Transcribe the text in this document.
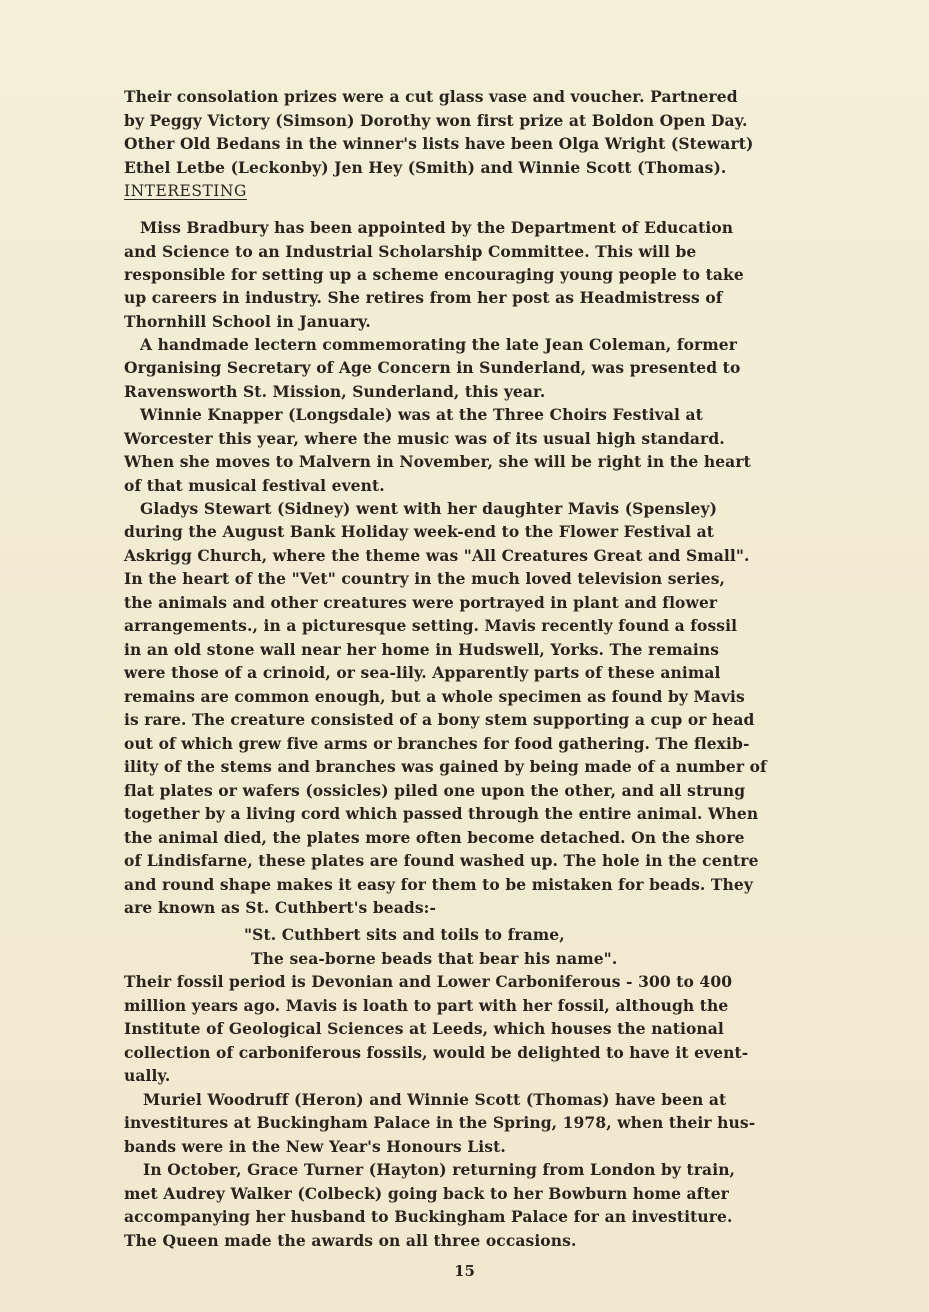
Their consolation prizes were a cut glass vase and voucher. Partnered
by Peggy Victory (Simson) Dorothy won first prize at Boldon Open Day.
Other Old Bedans in the winner's lists have been Olga Wright (Stewart)
Ethel Letbe (Leckonby) Jen Hey (Smith) and Winnie Scott (Thomas).
INTERESTING
Miss Bradbury has been appointed by the Department of Education
and Science to an Industrial Scholarship Committee. This will be
responsible for setting up a scheme encouraging young people to take
up careers in industry. She retires from her post as Headmistress of
Thornhill School in January.
A handmade lectern commemorating the late Jean Coleman, former
Organising Secretary of Age Concern in Sunderland, was presented to
Ravensworth St. Mission, Sunderland, this year.
Winnie Knapper (Longsdale) was at the Three Choirs Festival at
Worcester this year, where the music was of its usual high standard.
When she moves to Malvern in November, she will be right in the heart
of that musical festival event.
Gladys Stewart (Sidney) went with her daughter Mavis (Spensley)
during the August Bank Holiday week-end to the Flower Festival at
Askrigg Church, where the theme was "All Creatures Great and Small".
In the heart of the "Vet" country in the much loved television series,
the animals and other creatures were portrayed in plant and flower
arrangements., in a picturesque setting. Mavis recently found a fossil
in an old stone wall near her home in Hudswell, Yorks. The remains
were those of a crinoid, or sea-lily. Apparently parts of these animal
remains are common enough, but a whole specimen as found by Mavis
is rare. The creature consisted of a bony stem supporting a cup or head
out of which grew five arms or branches for food gathering. The flexib-
ility of the stems and branches was gained by being made of a number of
flat plates or wafers (ossicles) piled one upon the other, and all strung
together by a living cord which passed through the entire animal. When
the animal died, the plates more often become detached. On the shore
of Lindisfarne, these plates are found washed up. The hole in the centre
and round shape makes it easy for them to be mistaken for beads. They
are known as St. Cuthbert's beads:-
"St. Cuthbert sits and toils to frame,
The sea-borne beads that bear his name".
Their fossil period is Devonian and Lower Carboniferous - 300 to 400
million years ago. Mavis is loath to part with her fossil, although the
Institute of Geological Sciences at Leeds, which houses the national
collection of carboniferous fossils, would be delighted to have it event-
ually.
Muriel Woodruff (Heron) and Winnie Scott (Thomas) have been at
investitures at Buckingham Palace in the Spring, 1978, when their hus-
bands were in the New Year's Honours List.
In October, Grace Turner (Hayton) returning from London by train,
met Audrey Walker (Colbeck) going back to her Bowburn home after
accompanying her husband to Buckingham Palace for an investiture.
The Queen made the awards on all three occasions.
15
